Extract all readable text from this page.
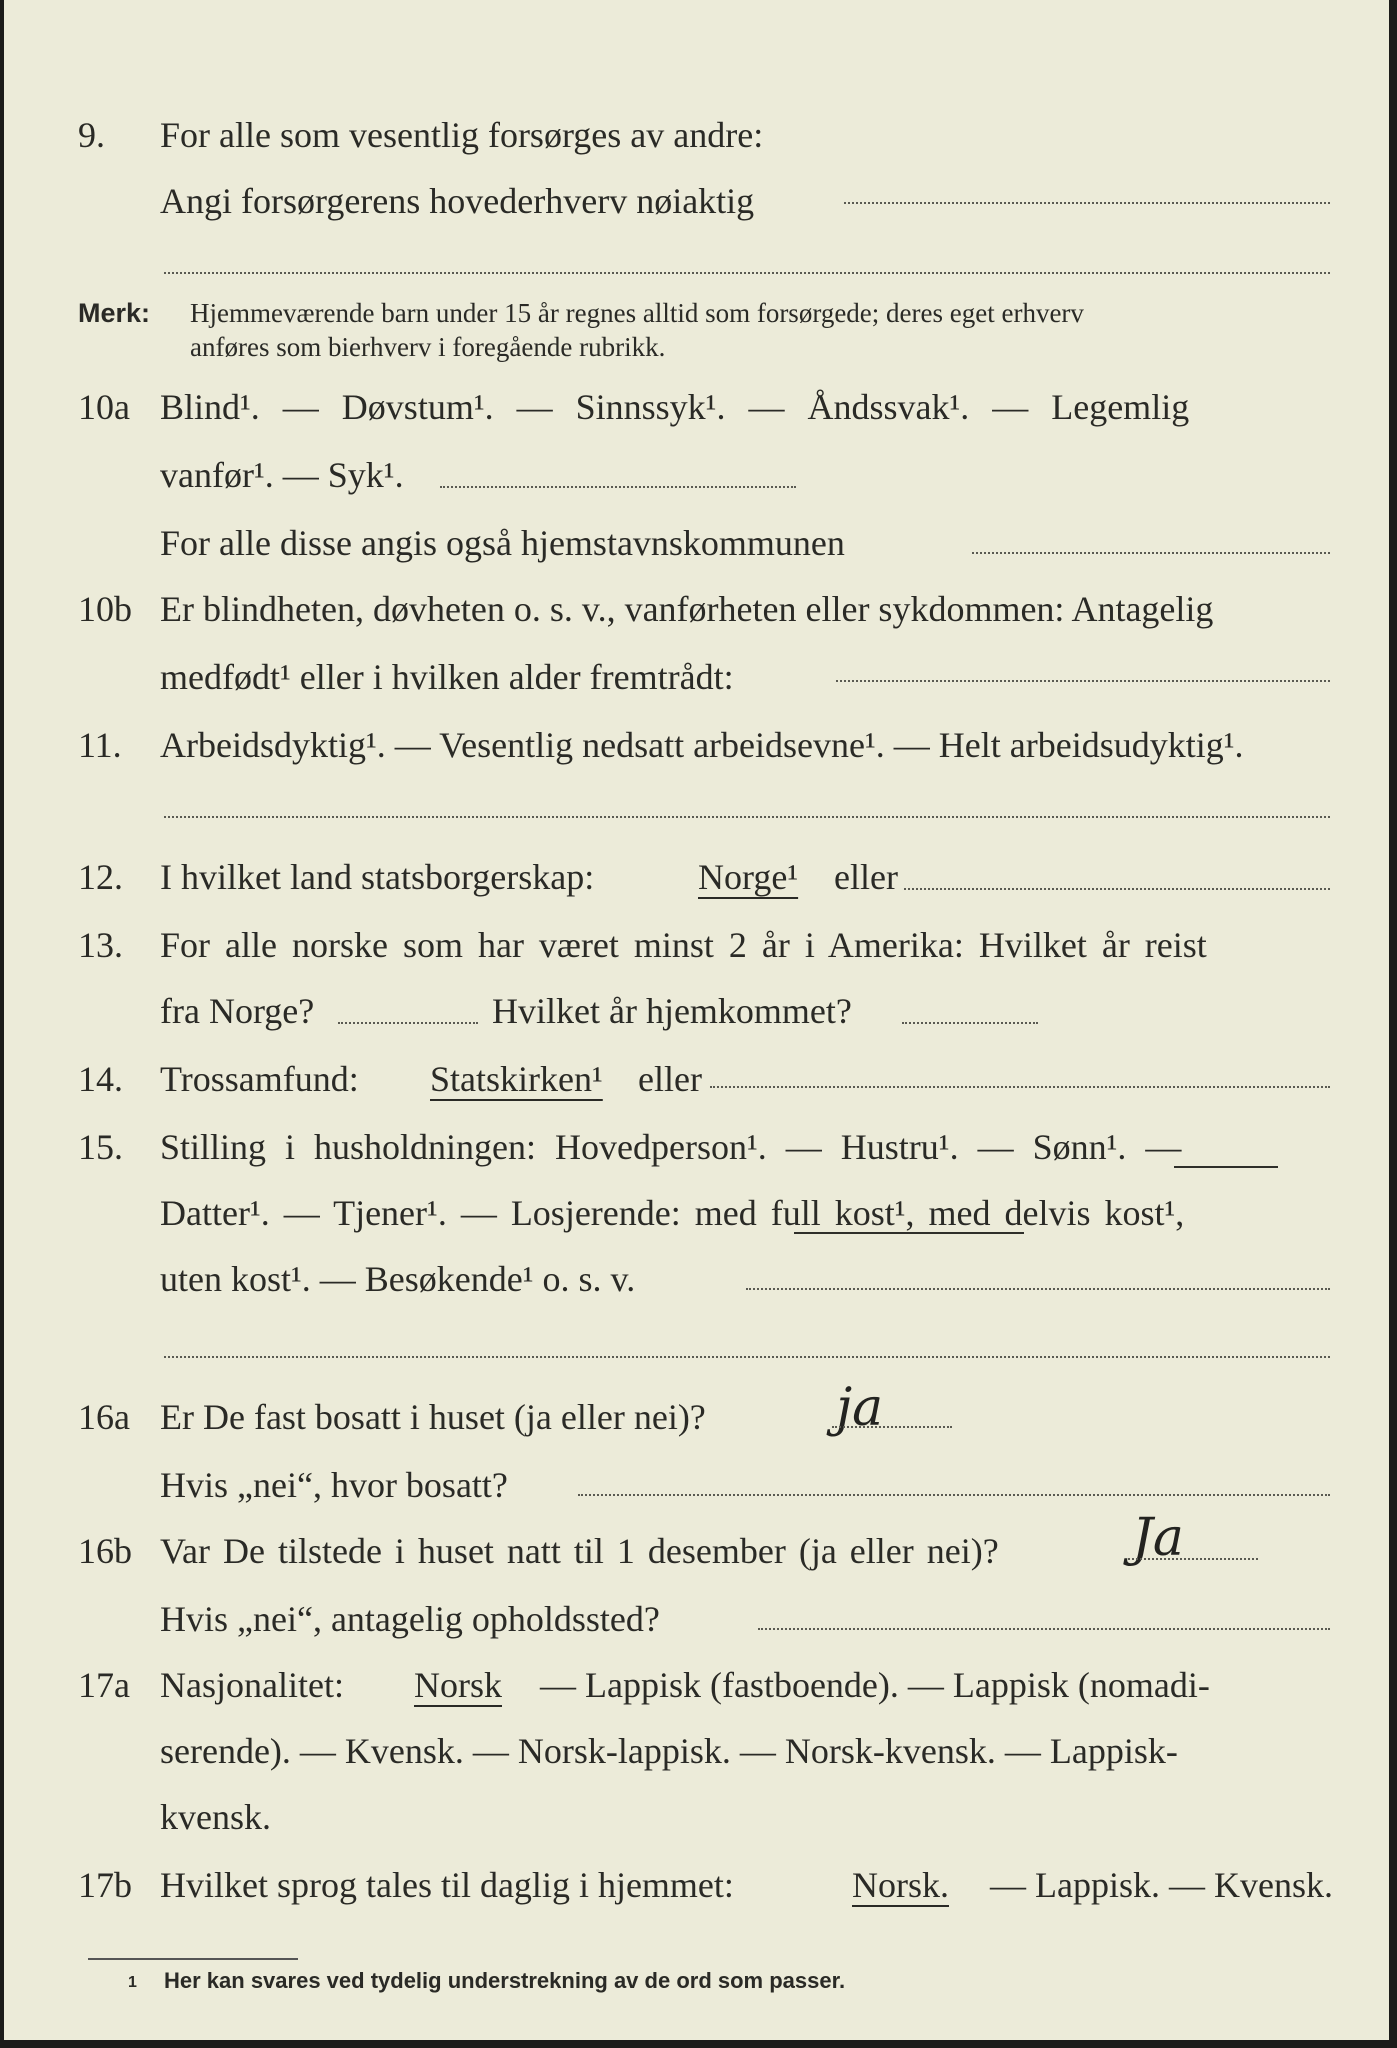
9. For alle som vesentlig forsørges av andre:
Angi forsørgerens hovederhverv nøiaktig
Merk: Hjemmeværende barn under 15 år regnes alltid som forsørgede; deres eget erhverv
anføres som bierhverv i foregående rubrikk.
10a Blind¹. — Døvstum¹. — Sinnssyk¹. — Åndssvak¹. — Legemlig
vanfør¹. — Syk¹.
For alle disse angis også hjemstavnskommunen
10b Er blindheten, døvheten o. s. v., vanførheten eller sykdommen: Antagelig
medfødt¹ eller i hvilken alder fremtrådt:
11. Arbeidsdyktig¹. — Vesentlig nedsatt arbeidsevne¹. — Helt arbeidsudyktig¹.
12. I hvilket land statsborgerskap:	Norge¹ eller
13. For alle norske som har været minst 2 år i Amerika: Hvilket år reist
fra Norge?	Hvilket år hjemkommet?
14. Trossamfund: Statskirken¹ eller
15. Stilling i husholdningen: Hovedperson¹. — Hustru¹. — Sønn¹. —
Datter¹. — Tjener¹. — Losjerende: med full kost¹, med delvis kost¹,
uten kost¹. — Besøkende¹ o. s. v.
16a Er De fast bosatt i huset (ja eller nei)?	ja
Hvis „nei“, hvor bosatt?
16b Var De tilstede i huset natt til 1 desember (ja eller nei)?	Ja
Hvis „nei“, antagelig opholdssted?
17a Nasjonalitet: Norsk — Lappisk (fastboende). — Lappisk (nomadi-
serende). — Kvensk. — Norsk-lappisk. — Norsk-kvensk. — Lappisk-
kvensk.
17b Hvilket sprog tales til daglig i hjemmet:	Norsk. — Lappisk. — Kvensk.
1 Her kan svares ved tydelig understrekning av de ord som passer.
